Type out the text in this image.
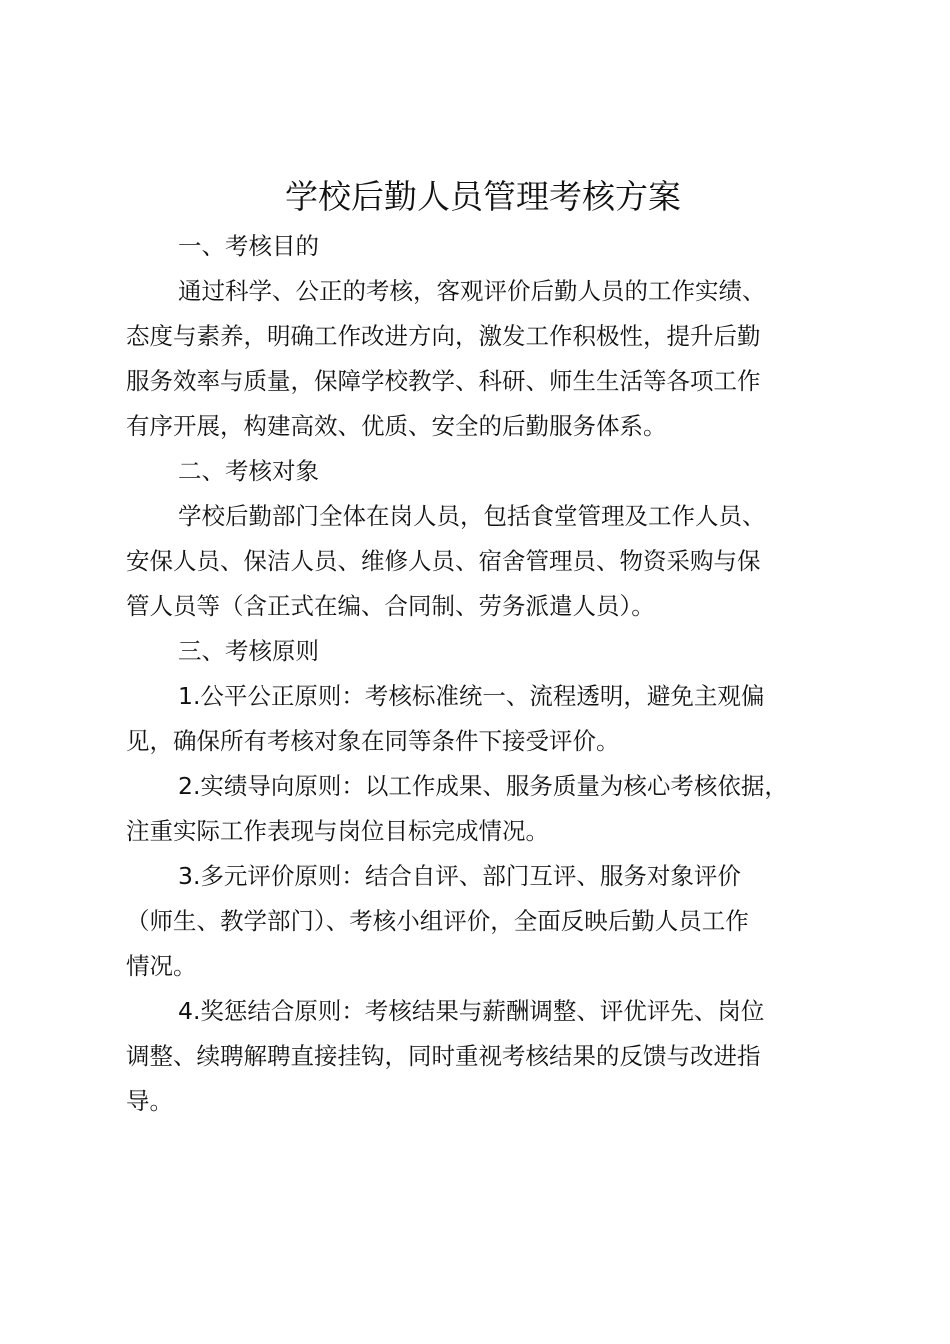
学校后勤人员管理考核方案

一、考核目的

通过科学、公正的考核，客观评价后勤人员的工作实绩、
态度与素养，明确工作改进方向，激发工作积极性，提升后勤
服务效率与质量，保障学校教学、科研、师生生活等各项工作
有序开展，构建高效、优质、安全的后勤服务体系。

二、考核对象

学校后勤部门全体在岗人员，包括食堂管理及工作人员、
安保人员、保洁人员、维修人员、宿舍管理员、物资采购与保
管人员等（含正式在编、合同制、劳务派遣人员）。

三、考核原则

1.公平公正原则：考核标准统一、流程透明，避免主观偏
见，确保所有考核对象在同等条件下接受评价。

2.实绩导向原则：以工作成果、服务质量为核心考核依据，
注重实际工作表现与岗位目标完成情况。

3.多元评价原则：结合自评、部门互评、服务对象评价
（师生、教学部门）、考核小组评价，全面反映后勤人员工作
情况。

4.奖惩结合原则：考核结果与薪酬调整、评优评先、岗位
调整、续聘解聘直接挂钩，同时重视考核结果的反馈与改进指
导。
